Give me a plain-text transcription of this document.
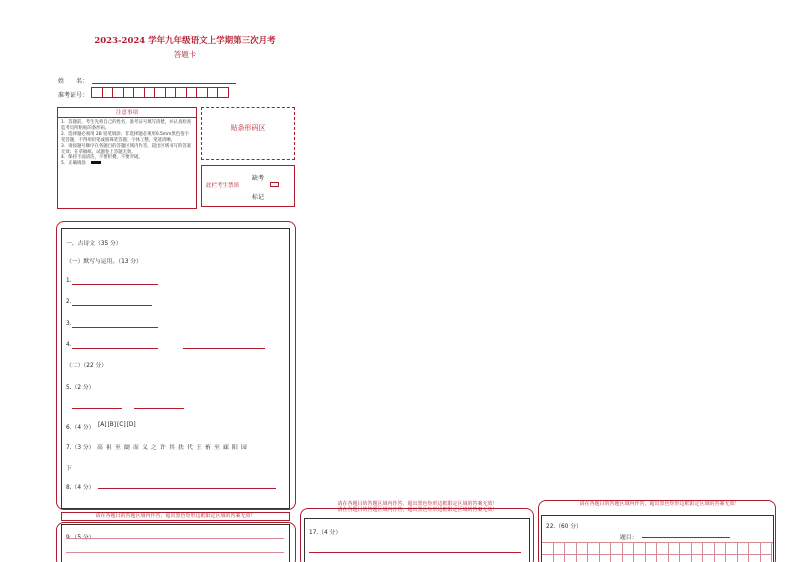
2023-2024 学年九年级语文上学期第三次月考
答题卡
姓　　名：
准考证号：
注意事项
1．答题前，考生先将自己的姓名，准考证号填写清楚，并认真检查监考员所粘贴的条形码。
2．选择题必须用 2B 铅笔填涂；非选择题必须用0.5mm黑色签字笔答题，不得用铅笔或圆珠笔答题；字体工整、笔迹清晰。
3．请按题号顺序在各题目的答题区域内作答，超出区域书写的答案无效；在草稿纸、试题卷上答题无效。
4．保持卡面清洁，不要折叠、不要弄破。
5．正确填涂
贴条形码区
此栏考生禁填
缺考
标记
一、古诗文（35 分）
（一）默写与运用。（13 分）
1.
2.
3.
4.
（二）（22 分）
5.（2 分）
6.（4 分） [A] [B] [C] [D]
7.（3 分） 高 祖 至 阛 而 义 之 许 其 扶 代 王 侑 至 廊 阳 园
下
8.（4 分）
请在各题目的答题区域内作答，超出黑色矩形边框限定区域的答案无效！
9.（5 分）
请在各题目的答题区域内作答，超出黑色矩形边框限定区域的答案无效！
请在各题目的答题区域内作答，超出黑色矩形边框限定区域的答案无效！
17.（4 分）
请在各题目的答题区域内作答，超出黑色矩形边框限定区域的答案无效！
22.（60 分）
题目：
